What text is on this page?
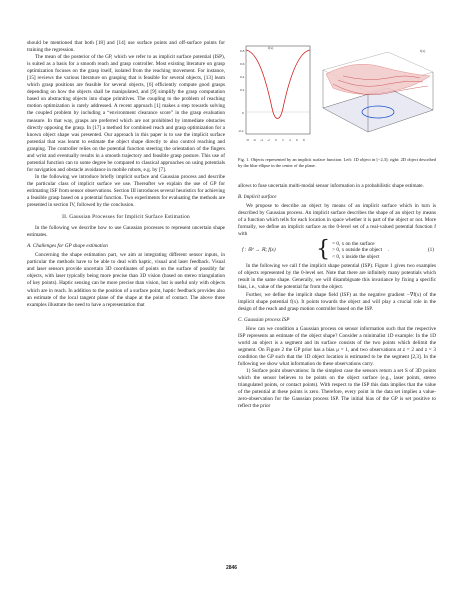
should be mentioned that both [18] and [14] use surface points and off-surface points for training the regression.

The mean of the posterior of the GP, which we refer to as implicit surface potential (ISP), is suited as a basis for a smooth reach and grasp controller. Most existing literature on grasp optimization focuses on the grasp itself, isolated from the reaching movement. For instance, [15] reviews the various literature on grasping that is feasible for several objects, [13] learn which grasp positions are feasible for several objects, [6] efficiently compute good grasps depending on how the objects shall be manipulated, and [9] simplify the grasp computation based on abstracting objects into shape primitives. The coupling to the problem of reaching motion optimization is rarely addressed. A recent approach [1] makes a step towards solving the coupled problem by including a “environment clearance score” in the grasp evaluation measure. In that way, grasps are preferred which are not prohibited by immediate obstacles directly opposing the grasp. In [17] a method for combined reach and grasp optimization for a known object shape was presented. Our approach in this paper is to use the implicit surface potential that was learnt to estimate the object shape directly to also control reaching and grasping. The controller relies on the potential function steering the orientation of the fingers and wrist and eventually results in a smooth trajectory and feasible grasp posture. This use of potential function can to some degree be compared to classical approaches on using potentials for navigation and obstacle avoidance in mobile robots, e.g. by [7].

In the following we introduce briefly implicit surface and Gaussian process and describe the particular class of implicit surface we use. Thereafter we explain the use of GP for estimating ISF from sensor observations. Section III introduces several heuristics for achieving a feasible grasp based on a potential function. Two experiments for evaluating the methods are presented in section IV, followed by the conclusion.

II. Gaussian Processes for Implicit Surface Estimation

In the following we describe how to use Gaussian processes to represent uncertain shape estimates.

A. Challenges for GP shape estimation

Concerning the shape estimation part, we aim at integrating different sensor inputs, in particular the methods have to be able to deal with haptic, visual and laser feedback. Visual and laser sensors provide uncertain 3D coordinates of points on the surface of possibly far objects, with laser typically being more precise than 3D vision (based on stereo triangulation of key points). Haptic sensing can be more precise than vision, but is useful only with objects which are in reach. In addition to the position of a surface point, haptic feedback provides also an estimate of the local tangent plane of the shape at the point of contact. The above three examples illustrate the need to have a representation that

0.8
0.6
0.4
0.2
0
-0.2
-8 -6 -4 -2 0 2 4 6 8
f(x)
f(x)
Fig. 1. Objects represented by an implicit surface function. Left: 1D object in [−2,3]; right: 2D object described by the blue ellipse in the center of the plane.

allows to fuse uncertain multi-modal sensor information in a probabilistic shape estimate.

B. Implicit surface

We propose to describe an object by means of an implicit surface which in turn is described by Gaussian process. An implicit surface describes the shape of an object by means of a function which tells for each location in space whether it is part of the object or not. More formally, we define an implicit surface as the 0-level set of a real-valued potential function f with

f : ℝᵈ → ℝ; f(x) { = 0, x on the surface
> 0, x outside the object
< 0, x inside the object
.	(1)

In the following we call f the implicit shape potential (ISP). Figure 1 gives two examples of objects represented by the 0-level set. Note that there are infinitely many potentials which result in the same shape. Generally, we will disambiguate this invariance by fixing a specific bias, i.e., value of the potential far from the object.

Further, we define the implicit shape field (ISF) as the negative gradient −∇f(x) of the implicit shape potential f(x). It points towards the object and will play a crucial role in the design of the reach and grasp motion controller based on the ISP.

C. Gaussian process ISP

How can we condition a Gaussian process on sensor information such that the respective ISP represents an estimate of the object shape? Consider a minimalist 1D example: In the 1D world an object is a segment and its surface consists of the two points which delimit the segment. On Figure 2 the GP prior has a bias μ = 1, and two observations at z = 2 and z = 3 condition the GP such that the 1D object location is estimated to be the segment [2,3]. In the following we show what information do these observations carry.

1) Surface point observations: In the simplest case the sensors return a set S of 3D points which the sensor believes to be points on the object surface (e.g., laser points, stereo triangulated points, or contact points). With respect to the ISP this data implies that the value of the potential at these points is zero. Therefore, every point in the data set implies a value-zero-observation for the Gaussian process ISP. The initial bias of the GP is set positive to reflect the prior

2846
